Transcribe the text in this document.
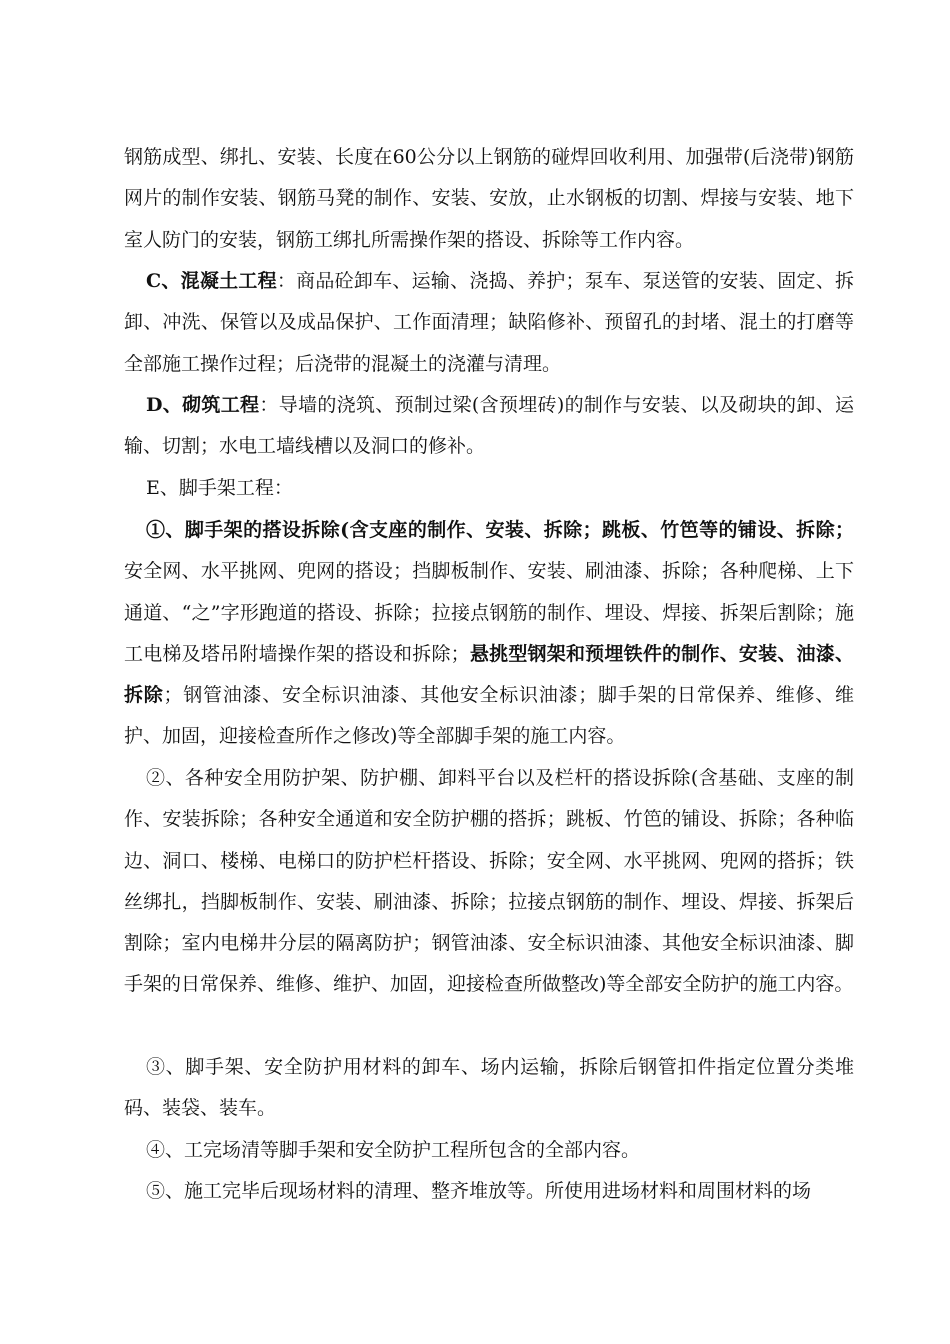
钢筋成型、绑扎、安装、长度在60公分以上钢筋的碰焊回收利用、加强带(后浇带)钢筋网片的制作安装、钢筋马凳的制作、安装、安放，止水钢板的切割、焊接与安装、地下室人防门的安装，钢筋工绑扎所需操作架的搭设、拆除等工作内容。

C、混凝土工程：商品砼卸车、运输、浇捣、养护；泵车、泵送管的安装、固定、拆卸、冲洗、保管以及成品保护、工作面清理；缺陷修补、预留孔的封堵、混土的打磨等全部施工操作过程；后浇带的混凝土的浇灌与清理。

D、砌筑工程：导墙的浇筑、预制过梁(含预埋砖)的制作与安装、以及砌块的卸、运输、切割；水电工墙线槽以及洞口的修补。

E、脚手架工程：

①、脚手架的搭设拆除(含支座的制作、安装、拆除；跳板、竹笆等的铺设、拆除；安全网、水平挑网、兜网的搭设；挡脚板制作、安装、刷油漆、拆除；各种爬梯、上下通道、“之”字形跑道的搭设、拆除；拉接点钢筋的制作、埋设、焊接、拆架后割除；施工电梯及塔吊附墙操作架的搭设和拆除；悬挑型钢架和预埋铁件的制作、安装、油漆、拆除；钢管油漆、安全标识油漆、其他安全标识油漆；脚手架的日常保养、维修、维护、加固，迎接检查所作之修改)等全部脚手架的施工内容。

②、各种安全用防护架、防护棚、卸料平台以及栏杆的搭设拆除(含基础、支座的制作、安装拆除；各种安全通道和安全防护棚的搭拆；跳板、竹笆的铺设、拆除；各种临边、洞口、楼梯、电梯口的防护栏杆搭设、拆除；安全网、水平挑网、兜网的搭拆；铁丝绑扎，挡脚板制作、安装、刷油漆、拆除；拉接点钢筋的制作、埋设、焊接、拆架后割除；室内电梯井分层的隔离防护；钢管油漆、安全标识油漆、其他安全标识油漆、脚手架的日常保养、维修、维护、加固，迎接检查所做整改)等全部安全防护的施工内容。

③、脚手架、安全防护用材料的卸车、场内运输，拆除后钢管扣件指定位置分类堆码、装袋、装车。

④、工完场清等脚手架和安全防护工程所包含的全部内容。

⑤、施工完毕后现场材料的清理、整齐堆放等。所使用进场材料和周围材料的场
